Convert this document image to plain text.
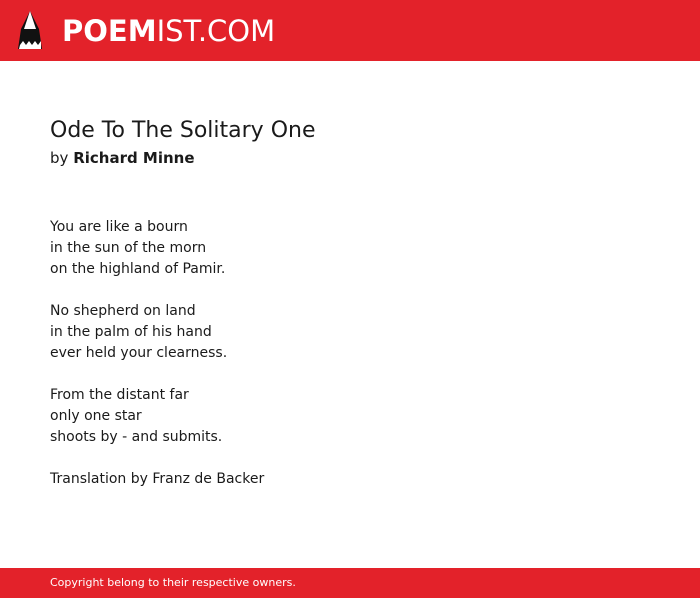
POEMIST.COM
Ode To The Solitary One
by Richard Minne
You are like a bourn
in the sun of the morn
on the highland of Pamir.
No shepherd on land
in the palm of his hand
ever held your clearness.
From the distant far
only one star
shoots by - and submits.
Translation by Franz de Backer
Copyright belong to their respective owners.
